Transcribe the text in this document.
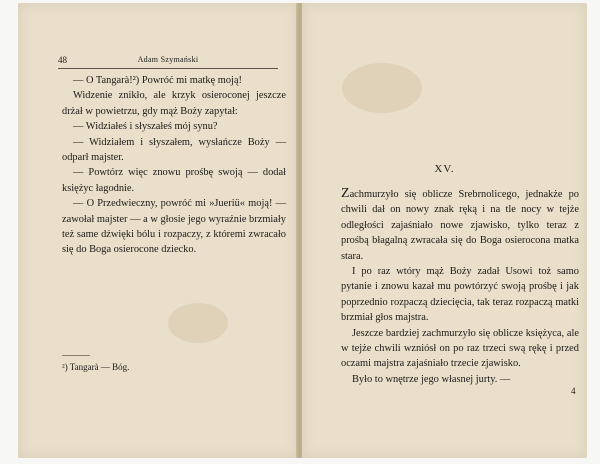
48	Adam Szymański

— O Tangarà!²) Powróć mi matkę moją!

Widzenie znikło, ale krzyk osieroconej jeszcze drżał w powietrzu, gdy mąż Boży zapytał:

— Widziałeś i słyszałeś mój synu?

— Widziałem i słyszałem, wysłańcze Boży — odparł majster.

— Powtórz więc znowu prośbę swoją — dodał księżyc łagodnie.

— O Przedwieczny, powróć mi »Jueriü« moją! — zawołał majster — a w głosie jego wyraźnie brzmiały też same dźwięki bólu i rozpaczy, z któremi zwracało się do Boga osierocone dziecko.

²) Tangarà — Bóg.
XV.

Zachmurzyło się oblicze Srebrnolicego, jednakże po chwili dał on nowy znak ręką i na tle nocy w tejże odległości zajaśniało nowe zjawisko, tylko teraz z prośbą błagalną zwracała się do Boga osierocona matka stara.

I po raz wtóry mąż Boży zadał Usowi toż samo pytanie i znowu kazał mu powtórzyć swoją prośbę i jak poprzednio rozpaczą dziecięcia, tak teraz rozpaczą matki brzmiał głos majstra.

Jeszcze bardziej zachmurzyło się oblicze księżyca, ale w tejże chwili wzniósł on po raz trzeci swą rękę i przed oczami majstra zajaśniało trzecie zjawisko.

Było to wnętrze jego własnej jurty. —

4
